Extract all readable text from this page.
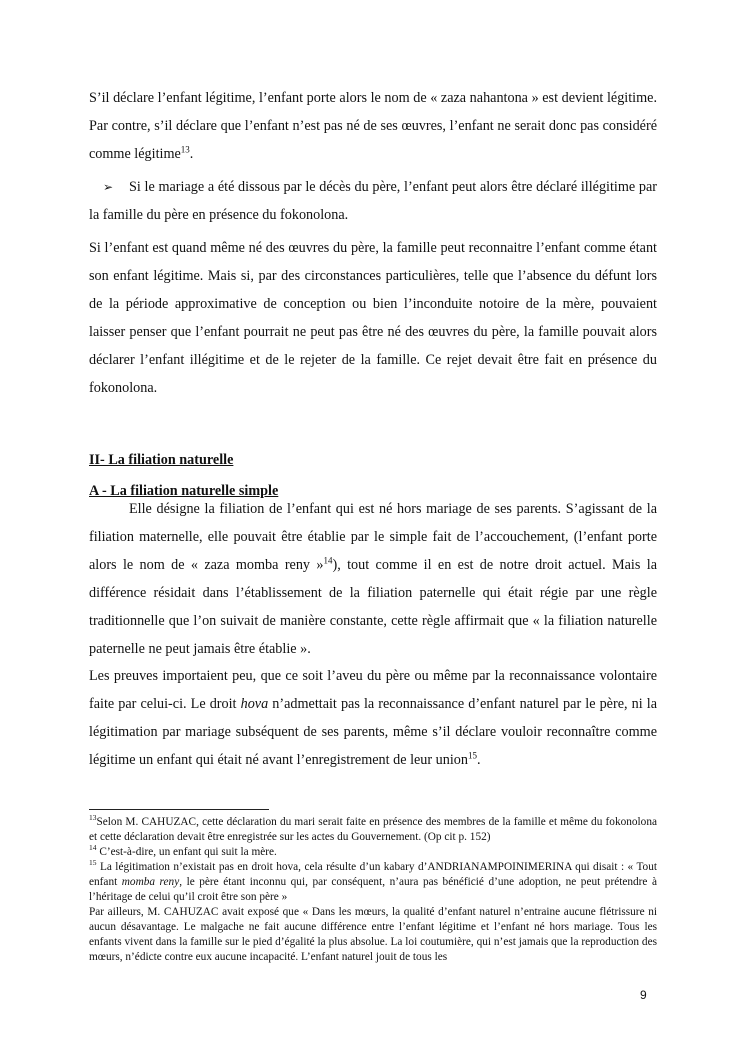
S’il déclare l’enfant légitime, l’enfant porte alors le nom de « zaza nahantona » est devient légitime. Par contre, s’il déclare que l’enfant n’est pas né de ses œuvres, l’enfant ne serait donc pas considéré comme légitime$^{13}$.

➢ Si le mariage a été dissous par le décès du père, l’enfant peut alors être déclaré illégitime par la famille du père en présence du fokonolona.

Si l’enfant est quand même né des œuvres du père, la famille peut reconnaitre l’enfant comme étant son enfant légitime. Mais si, par des circonstances particulières, telle que l’absence du défunt lors de la période approximative de conception ou bien l’inconduite notoire de la mère, pouvaient laisser penser que l’enfant pourrait ne peut pas être né des œuvres du père, la famille pouvait alors déclarer l’enfant illégitime et de le rejeter de la famille. Ce rejet devait être fait en présence du fokonolona.

II- La filiation naturelle

A - La filiation naturelle simple

Elle désigne la filiation de l’enfant qui est né hors mariage de ses parents. S’agissant de la filiation maternelle, elle pouvait être établie par le simple fait de l’accouchement, (l’enfant porte alors le nom de « zaza momba reny »$^{14}$), tout comme il en est de notre droit actuel. Mais la différence résidait dans l’établissement de la filiation paternelle qui était régie par une règle traditionnelle que l’on suivait de manière constante, cette règle affirmait que « la filiation naturelle paternelle ne peut jamais être établie ».

Les preuves importaient peu, que ce soit l’aveu du père ou même par la reconnaissance volontaire faite par celui-ci. Le droit hova n’admettait pas la reconnaissance d’enfant naturel par le père, ni la légitimation par mariage subséquent de ses parents, même s’il déclare vouloir reconnaître comme légitime un enfant qui était né avant l’enregistrement de leur union$^{15}$.

$^{13}$Selon M. CAHUZAC, cette déclaration du mari serait faite en présence des membres de la famille et même du fokonolona et cette déclaration devait être enregistrée sur les actes du Gouvernement. (Op cit p. 152)

$^{14}$ C’est-à-dire, un enfant qui suit la mère.

$^{15}$ La légitimation n’existait pas en droit hova, cela résulte d’un kabary d’ANDRIANAMPOINIMERINA qui disait : « Tout enfant momba reny, le père étant inconnu qui, par conséquent, n’aura pas bénéficié d’une adoption, ne peut prétendre à l’héritage de celui qu’il croit être son père »

Par ailleurs, M. CAHUZAC avait exposé que « Dans les mœurs, la qualité d’enfant naturel n’entraine aucune flétrissure ni aucun désavantage. Le malgache ne fait aucune différence entre l’enfant légitime et l’enfant né hors mariage. Tous les enfants vivent dans la famille sur le pied d’égalité la plus absolue. La loi coutumière, qui n’est jamais que la reproduction des mœurs, n’édicte contre eux aucune incapacité. L’enfant naturel jouit de tous les

9
